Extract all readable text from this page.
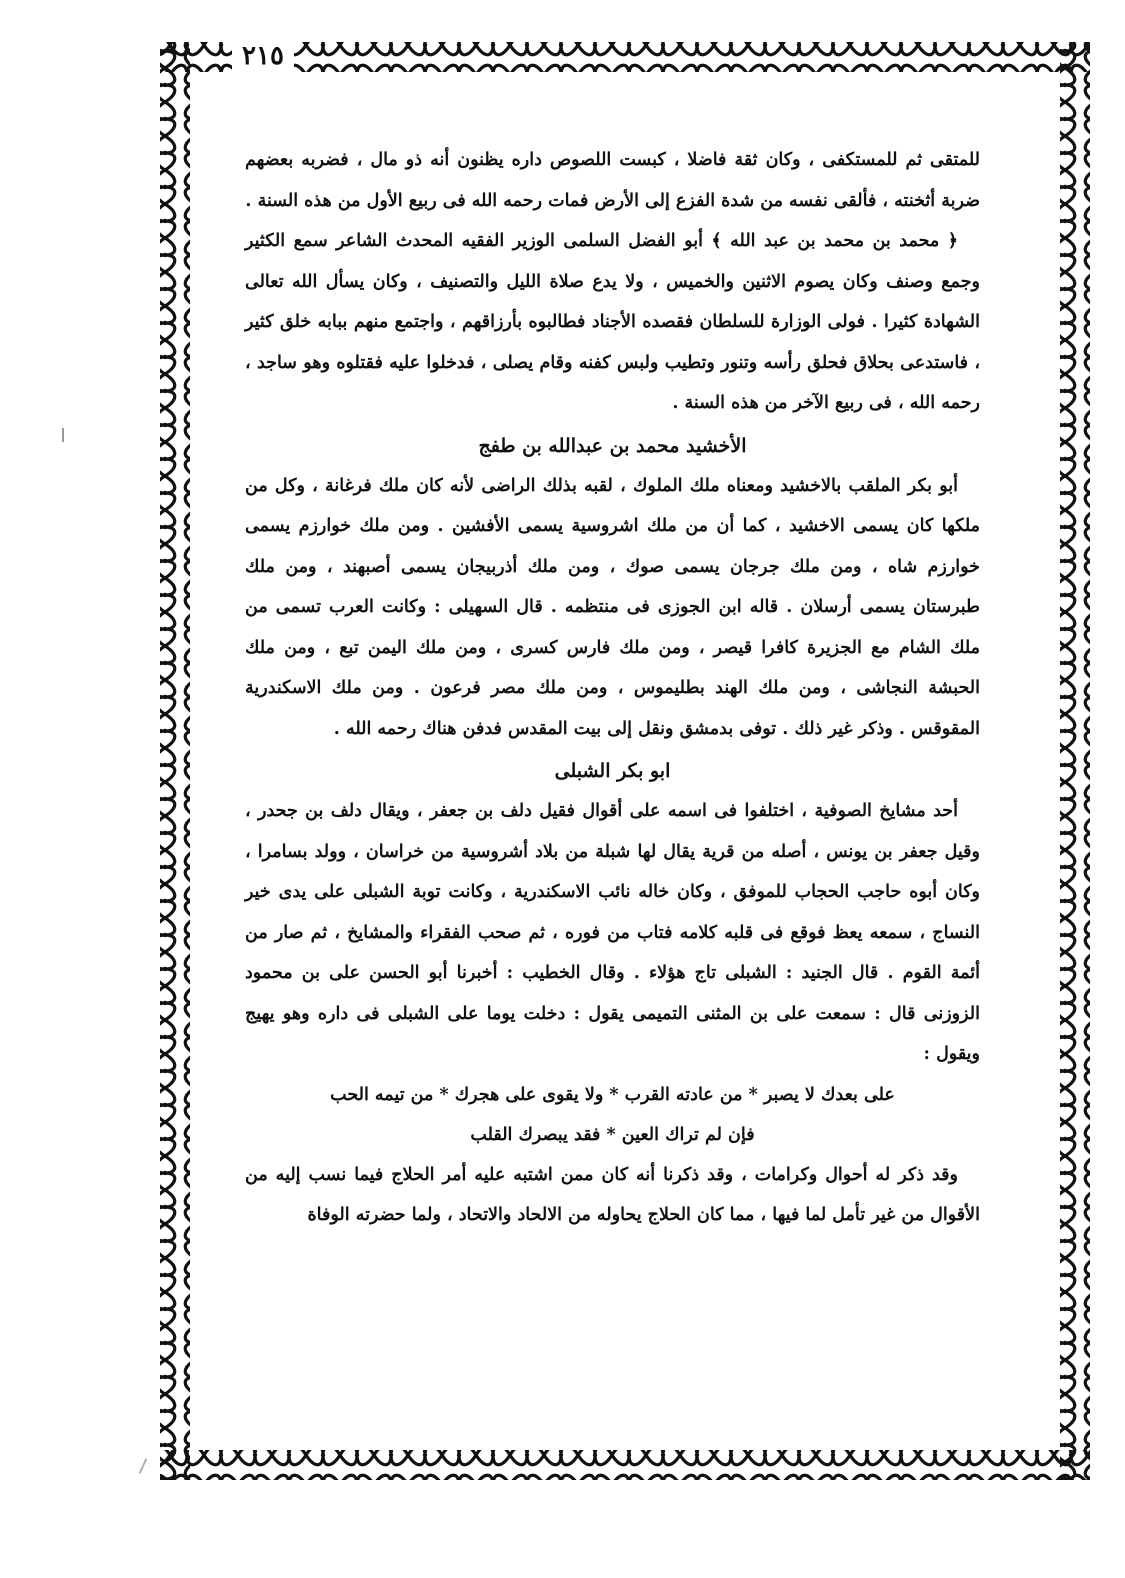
٢١٥

للمتقى ثم للمستكفى ، وكان ثقة فاضلا ، كبست اللصوص داره يظنون أنه ذو مال ، فضربه بعضهم ضربة أثخنته ، فألقى نفسه من شدة الفزع إلى الأرض فمات رحمه الله فى ربيع الأول من هذه السنة .

﴿ محمد بن محمد بن عبد الله ﴾ أبو الفضل السلمى الوزير الفقيه المحدث الشاعر سمع الكثير وجمع وصنف وكان يصوم الاثنين والخميس ، ولا يدع صلاة الليل والتصنيف ، وكان يسأل الله تعالى الشهادة كثيرا . فولى الوزارة للسلطان فقصده الأجناد فطالبوه بأرزاقهم ، واجتمع منهم ببابه خلق كثير ، فاستدعى بحلاق فحلق رأسه وتنور وتطيب ولبس كفنه وقام يصلى ، فدخلوا عليه فقتلوه وهو ساجد ، رحمه الله ، فى ربيع الآخر من هذه السنة .

الأخشيد محمد بن عبدالله بن طفج

أبو بكر الملقب بالاخشيد ومعناه ملك الملوك ، لقبه بذلك الراضى لأنه كان ملك فرغانة ، وكل من ملكها كان يسمى الاخشيد ، كما أن من ملك اشروسية يسمى الأفشين . ومن ملك خوارزم يسمى خوارزم شاه ، ومن ملك جرجان يسمى صوك ، ومن ملك أذربيجان يسمى أصبهند ، ومن ملك طبرستان يسمى أرسلان . قاله ابن الجوزى فى منتظمه . قال السهيلى : وكانت العرب تسمى من ملك الشام مع الجزيرة كافرا قيصر ، ومن ملك فارس كسرى ، ومن ملك اليمن تبع ، ومن ملك الحبشة النجاشى ، ومن ملك الهند بطليموس ، ومن ملك مصر فرعون . ومن ملك الاسكندرية المقوقس . وذكر غير ذلك . توفى بدمشق ونقل إلى بيت المقدس فدفن هناك رحمه الله .

ابو بكر الشبلى

أحد مشايخ الصوفية ، اختلفوا فى اسمه على أقوال فقيل دلف بن جعفر ، ويقال دلف بن جحدر ، وقيل جعفر بن يونس ، أصله من قرية يقال لها شبلة من بلاد أشروسية من خراسان ، وولد بسامرا ، وكان أبوه حاجب الحجاب للموفق ، وكان خاله نائب الاسكندرية ، وكانت توبة الشبلى على يدى خير النساج ، سمعه يعظ فوقع فى قلبه كلامه فتاب من فوره ، ثم صحب الفقراء والمشايخ ، ثم صار من أئمة القوم . قال الجنيد : الشبلى تاج هؤلاء . وقال الخطيب : أخبرنا أبو الحسن على بن محمود الزوزنى قال : سمعت على بن المثنى التميمى يقول : دخلت يوما على الشبلى فى داره وهو يهيج ويقول :

على بعدك لا يصبر * من عادته القرب * ولا يقوى على هجرك * من تيمه الحب
فإن لم تراك العين * فقد يبصرك القلب

وقد ذكر له أحوال وكرامات ، وقد ذكرنا أنه كان ممن اشتبه عليه أمر الحلاج فيما نسب إليه من الأقوال من غير تأمل لما فيها ، مما كان الحلاج يحاوله من الالحاد والاتحاد ، ولما حضرته الوفاة
